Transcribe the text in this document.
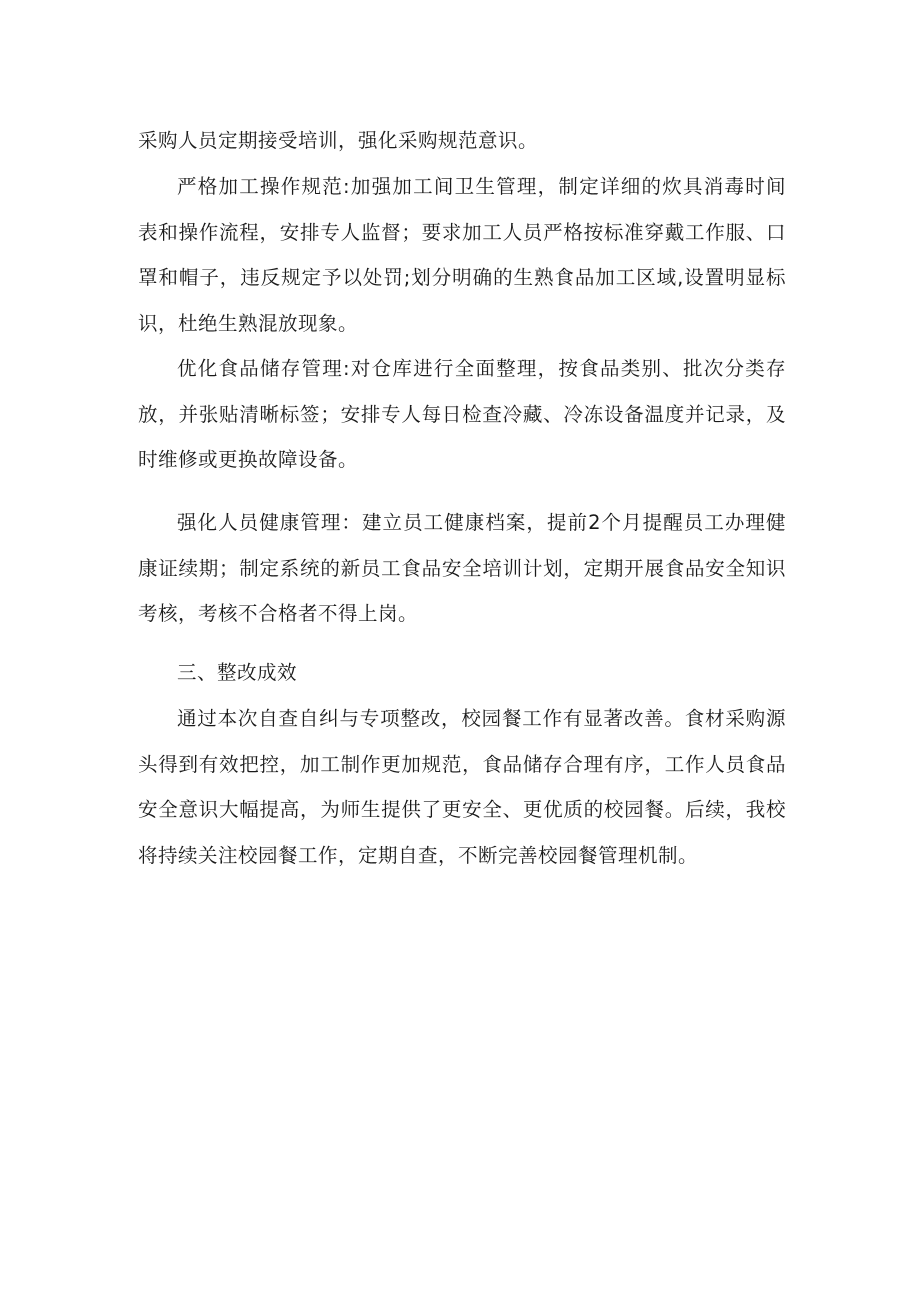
采购人员定期接受培训，强化采购规范意识。
严格加工操作规范:加强加工间卫生管理，制定详细的炊具消毒时间
表和操作流程，安排专人监督；要求加工人员严格按标准穿戴工作服、口
罩和帽子，违反规定予以处罚;划分明确的生熟食品加工区域,设置明显标
识，杜绝生熟混放现象。
优化食品储存管理:对仓库进行全面整理，按食品类别、批次分类存
放，并张贴清晰标签；安排专人每日检查冷藏、冷冻设备温度并记录，及
时维修或更换故障设备。
强化人员健康管理：建立员工健康档案，提前2个月提醒员工办理健
康证续期；制定系统的新员工食品安全培训计划，定期开展食品安全知识
考核，考核不合格者不得上岗。
三、整改成效
通过本次自查自纠与专项整改，校园餐工作有显著改善。食材采购源
头得到有效把控，加工制作更加规范，食品储存合理有序，工作人员食品
安全意识大幅提高，为师生提供了更安全、更优质的校园餐。后续，我校
将持续关注校园餐工作，定期自查，不断完善校园餐管理机制。
